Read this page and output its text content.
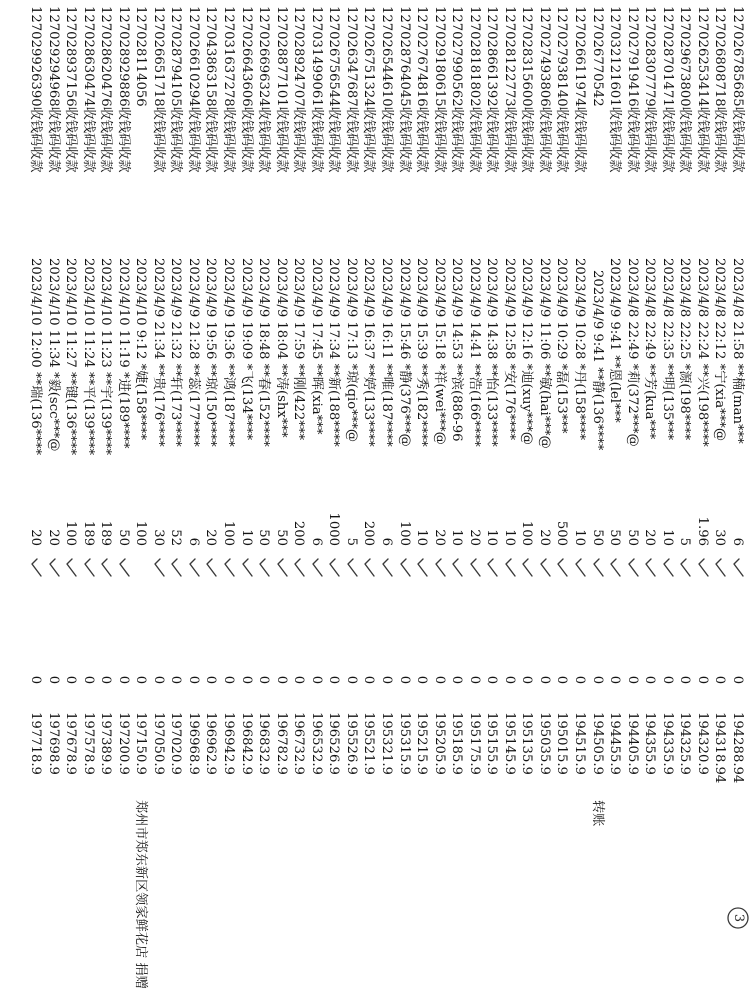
3
127026785685收钱码收款
2023/4/8 21:58 **楠(man***
6
0
194288.94
127026808718收钱码收款
2023/4/8 22:12 *宁(xia***@
30
0
194318.94
127026253414收钱码收款
2023/4/8 22:24 **兴(198****
1.96
0
194320.9
127029673800收钱码收款
2023/4/8 22:25 *源(198****
5
0
194325.9
127028701471收钱码收款
2023/4/8 22:35 **明(135***
10
0
194335.9
127028307779收钱码收款
2023/4/8 22:49 **芳(kua***
20
0
194355.9
127027919416收钱码收款
2023/4/8 22:49 *莉(372***@
50
0
194405.9
127032121601收钱码收款
2023/4/9 9:41 **恩(lel***
50
0
194455.9
127026770542
2023/4/9 9:41 **静(136****
50
0
194505.9
转账
127026611974收钱码收款
2023/4/9 10:28 *丹(158****
10
0
194515.9
127027938140收钱码收款
2023/4/9 10:29 *磊(153***
500
0
195015.9
127027493806收钱码收款
2023/4/9 11:06 **敏(hai***@
20
0
195035.9
127028315600收钱码收款
2023/4/9 12:16 *迪(xuy***@
100
0
195135.9
127028122773收钱码收款
2023/4/9 12:58 *安(176****
10
0
195145.9
127028661392收钱码收款
2023/4/9 14:38 **怡(133****
10
0
195155.9
127028181802收钱码收款
2023/4/9 14:41 **浩(166****
20
0
195175.9
127027990562收钱码收款
2023/4/9 14:53 **滨(886-96
10
0
195185.9
127029180615收钱码收款
2023/4/9 15:18 *祥(wei***@
20
0
195205.9
127027674816收钱码收款
2023/4/9 15:39 **秀(182****
10
0
195215.9
127028764045收钱码收款
2023/4/9 15:46 *静(376***@
100
0
195315.9
127026544610收钱码收款
2023/4/9 16:11 **唯(187****
6
0
195321.9
127026751324收钱码收款
2023/4/9 16:37 **婷(133****
200
0
195521.9
127026347687收钱码收款
2023/4/9 17:13 *琼(qio***@
5
0
195526.9
127026756544收钱码收款
2023/4/9 17:34 **新(188****
1000
0
196526.9
127031499061收钱码收款
2023/4/9 17:45 **晖(xia***
6
0
196532.9
127028924707收钱码收款
2023/4/9 17:59 **刚(422***
200
0
196732.9
127028877101收钱码收款
2023/4/9 18:04 **涛(shx***
50
0
196782.9
127026696324收钱码收款
2023/4/9 18:48 **春(152****
50
0
196832.9
127026643606收钱码收款
2023/4/9 19:09 *飞(134****
10
0
196842.9
127031637278收钱码收款
2023/4/9 19:36 **鸿(187****
100
0
196942.9
127043863158收钱码收款
2023/4/9 19:56 **琼(150****
20
0
196962.9
127026610294收钱码收款
2023/4/9 21:28 **蕊(177****
6
0
196968.9
127028794105收钱码收款
2023/4/9 21:32 **轩(173****
52
0
197020.9
127026651718收钱码收款
2023/4/9 21:34 **贵(176****
30
0
197050.9
127028114056
2023/4/10 9:12 *婕(158****
100
0
197150.9
郑州市郑东新区领家鲜花店 捐赠
127028929886收钱码收款
2023/4/10 11:19 *进(189****
50
0
197200.9
127028620476收钱码收款
2023/4/10 11:23 **宇(139****
189
0
197389.9
127028630474收钱码收款
2023/4/10 11:24 **平(139****
189
0
197578.9
127028937156收钱码收款
2023/4/10 11:27 **键(136****
100
0
197678.9
127029294968收钱码收款
2023/4/10 11:34 *毅(scc***@
20
0
197698.9
127029926390收钱码收款
2023/4/10 12:00 **瑞(136****
20
0
197718.9
